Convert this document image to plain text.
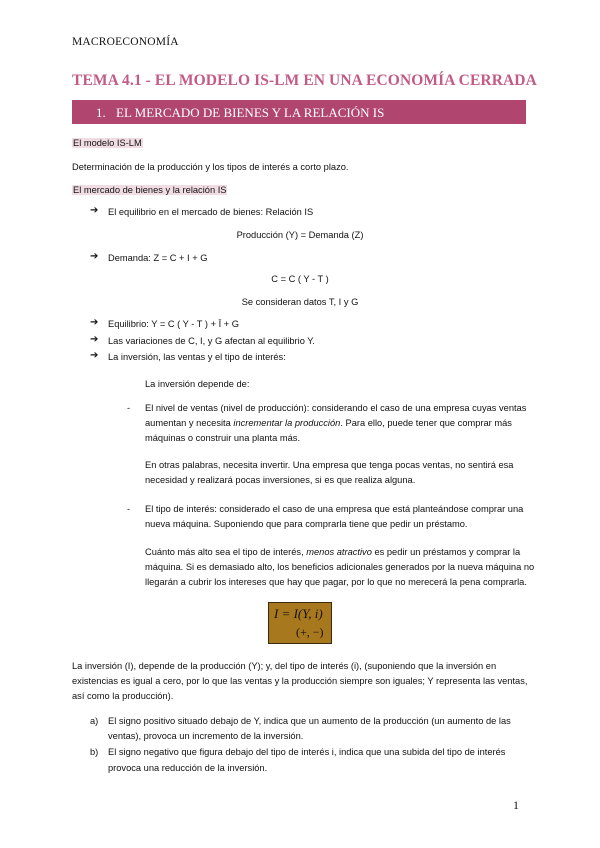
MACROECONOMÍA
TEMA 4.1 - EL MODELO IS-LM EN UNA ECONOMÍA CERRADA
1. EL MERCADO DE BIENES Y LA RELACIÓN IS
El modelo IS-LM
Determinación de la producción y los tipos de interés a corto plazo.
El mercado de bienes y la relación IS
➔ El equilibrio en el mercado de bienes: Relación IS
Producción (Y) = Demanda (Z)
➔ Demanda: Z = C + I + G
C = C ( Y - T )
Se consideran datos T, I y G
➔ Equilibrio: Y = C ( Y - T ) + Ī + G
➔ Las variaciones de C, I, y G afectan al equilibrio Y.
➔ La inversión, las ventas y el tipo de interés:
La inversión depende de:
- El nivel de ventas (nivel de producción): considerando el caso de una empresa cuyas ventas
aumentan y necesita incrementar la producción. Para ello, puede tener que comprar más
máquinas o construir una planta más.
En otras palabras, necesita invertir. Una empresa que tenga pocas ventas, no sentirá esa
necesidad y realizará pocas inversiones, si es que realiza alguna.
- El tipo de interés: considerado el caso de una empresa que está planteándose comprar una
nueva máquina. Suponiendo que para comprarla tiene que pedir un préstamo.
Cuánto más alto sea el tipo de interés, menos atractivo es pedir un préstamos y comprar la
máquina. Si es demasiado alto, los beneficios adicionales generados por la nueva máquina no
llegarán a cubrir los intereses que hay que pagar, por lo que no merecerá la pena comprarla.
I = I(Y, i)
(+, −)
La inversión (I), depende de la producción (Y); y, del tipo de interés (i), (suponiendo que la inversión en
existencias es igual a cero, por lo que las ventas y la producción siempre son iguales; Y representa las ventas,
así como la producción).
a) El signo positivo situado debajo de Y, indica que un aumento de la producción (un aumento de las
ventas), provoca un incremento de la inversión.
b) El signo negativo que figura debajo del tipo de interés i, indica que una subida del tipo de interés
provoca una reducción de la inversión.
1
